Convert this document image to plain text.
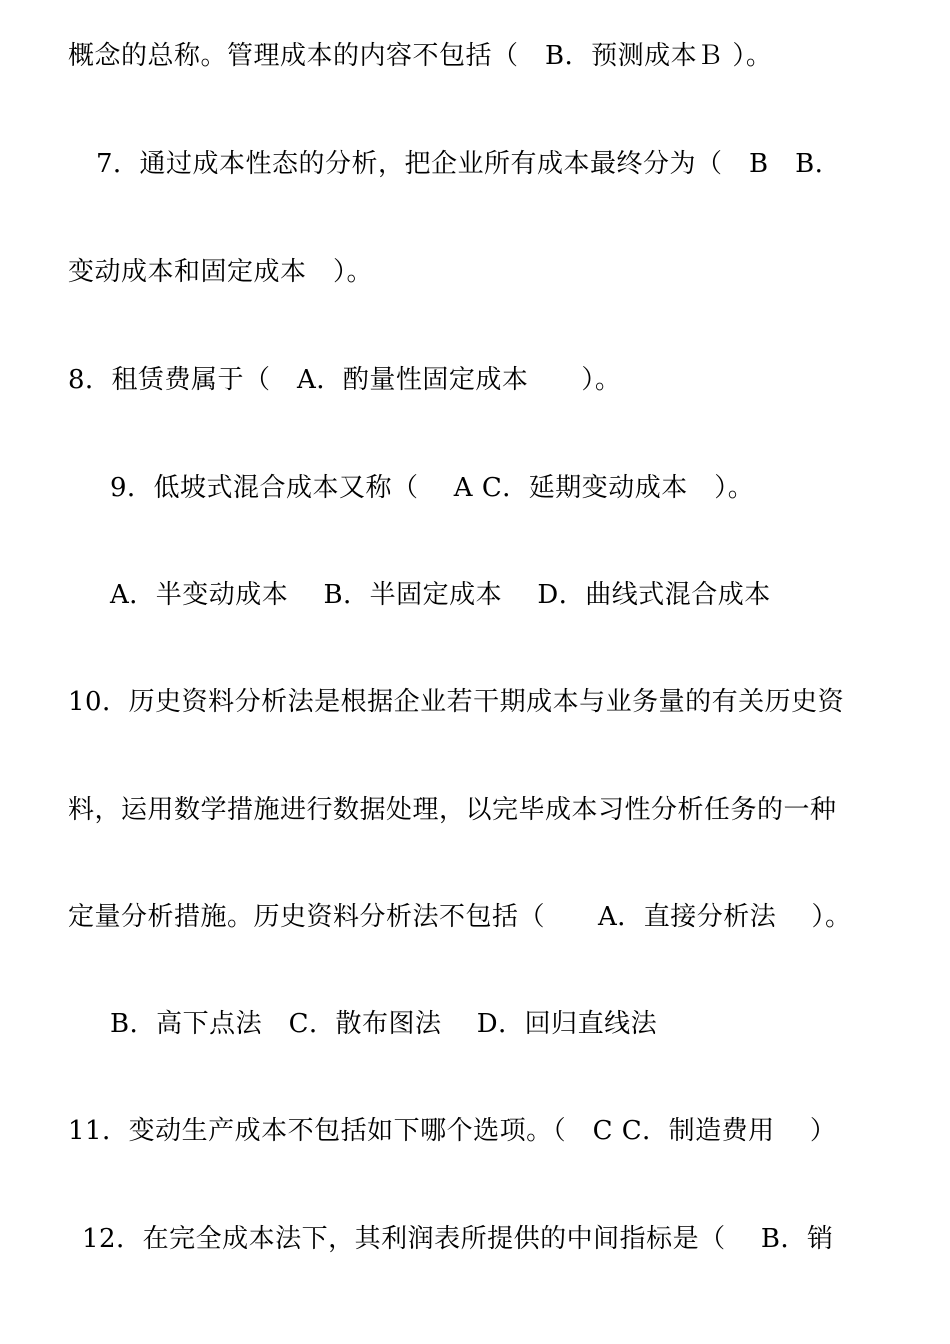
概念的总称。管理成本的内容不包括（　B．预测成本Ｂ ）。
7．通过成本性态的分析，把企业所有成本最终分为（　B　B．
变动成本和固定成本　）。
8．租赁费属于（　A．酌量性固定成本　　）。
9．低坡式混合成本又称（　 A C．延期变动成本　）。
A．半变动成本　 B．半固定成本　 D．曲线式混合成本
10．历史资料分析法是根据企业若干期成本与业务量的有关历史资
料，运用数学措施进行数据处理，以完毕成本习性分析任务的一种
定量分析措施。历史资料分析法不包括（　　A．直接分析法　 ）。
B．高下点法　C．散布图法　 D．回归直线法
11．变动生产成本不包括如下哪个选项。（　C C．制造费用　 ）
12．在完全成本法下，其利润表所提供的中间指标是（　 B．销
